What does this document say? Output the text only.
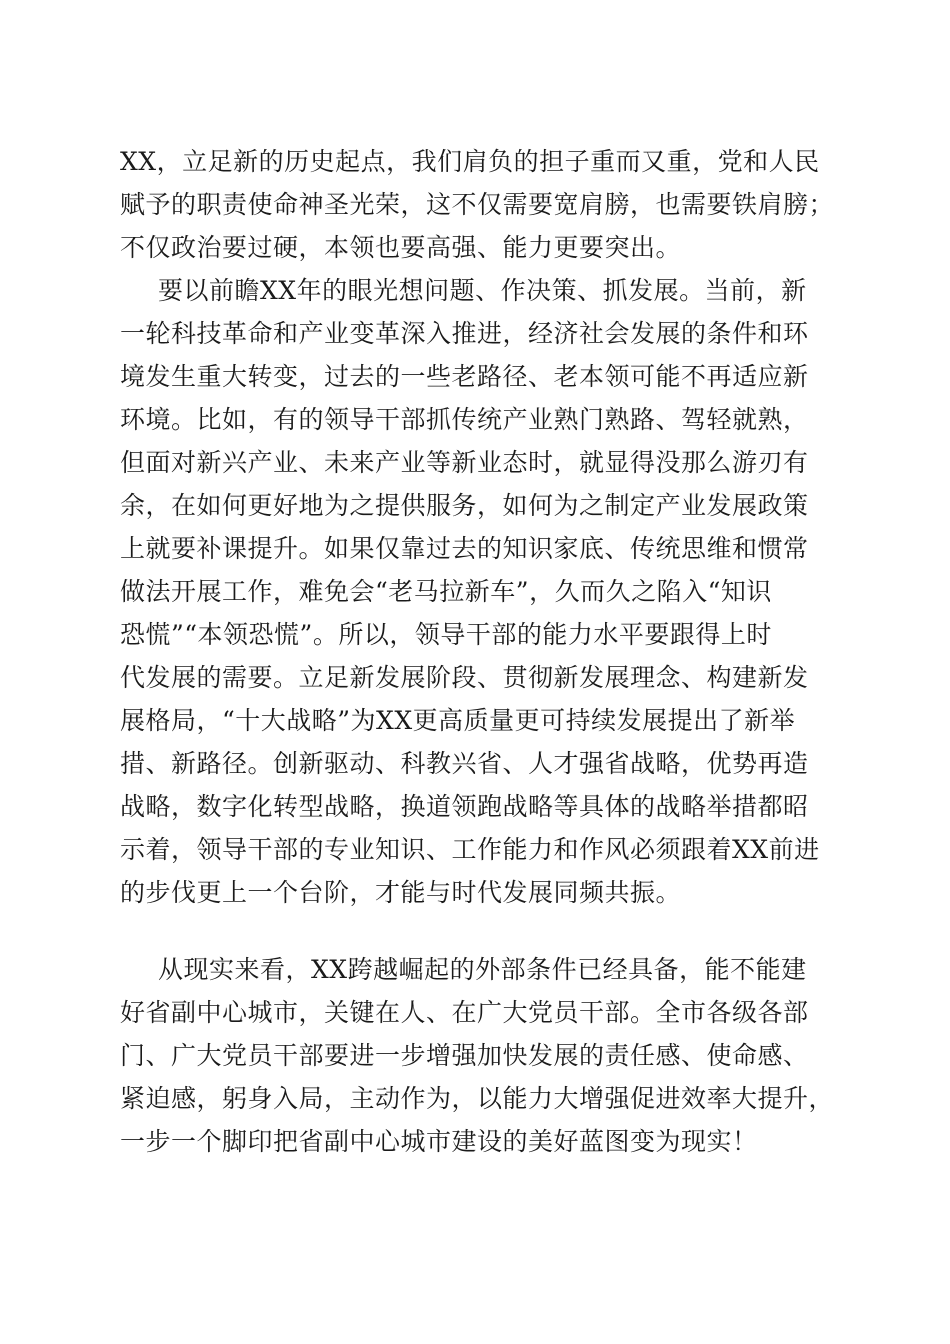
XX，立足新的历史起点，我们肩负的担子重而又重，党和人民
赋予的职责使命神圣光荣，这不仅需要宽肩膀，也需要铁肩膀；
不仅政治要过硬，本领也要高强、能力更要突出。
要以前瞻XX年的眼光想问题、作决策、抓发展。当前，新
一轮科技革命和产业变革深入推进，经济社会发展的条件和环
境发生重大转变，过去的一些老路径、老本领可能不再适应新
环境。比如，有的领导干部抓传统产业熟门熟路、驾轻就熟，
但面对新兴产业、未来产业等新业态时，就显得没那么游刃有
余，在如何更好地为之提供服务，如何为之制定产业发展政策
上就要补课提升。如果仅靠过去的知识家底、传统思维和惯常
做法开展工作，难免会“老马拉新车”，久而久之陷入“知识
恐慌”“本领恐慌”。所以，领导干部的能力水平要跟得上时
代发展的需要。立足新发展阶段、贯彻新发展理念、构建新发
展格局，“十大战略”为XX更高质量更可持续发展提出了新举
措、新路径。创新驱动、科教兴省、人才强省战略，优势再造
战略，数字化转型战略，换道领跑战略等具体的战略举措都昭
示着，领导干部的专业知识、工作能力和作风必须跟着XX前进
的步伐更上一个台阶，才能与时代发展同频共振。
从现实来看，XX跨越崛起的外部条件已经具备，能不能建
好省副中心城市，关键在人、在广大党员干部。全市各级各部
门、广大党员干部要进一步增强加快发展的责任感、使命感、
紧迫感，躬身入局，主动作为，以能力大增强促进效率大提升，
一步一个脚印把省副中心城市建设的美好蓝图变为现实！
